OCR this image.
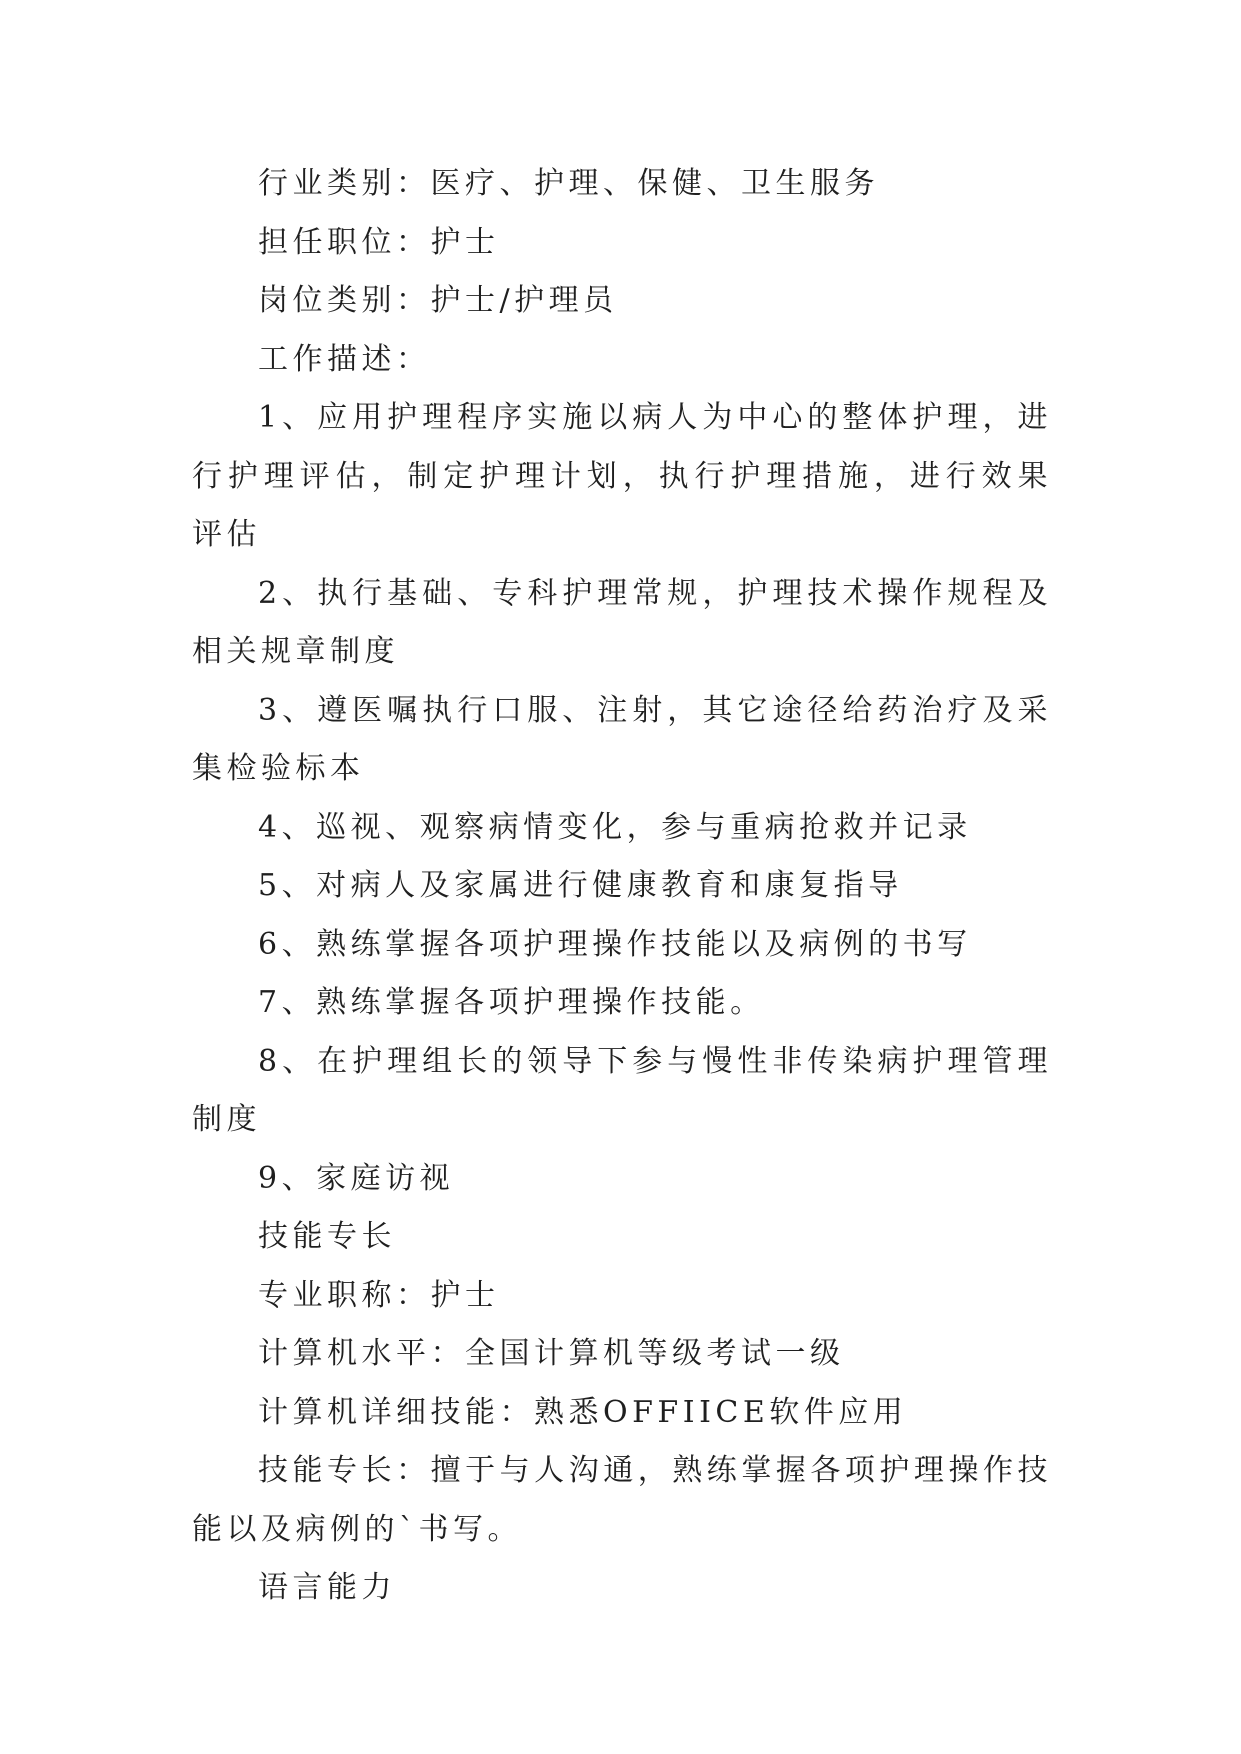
行业类别：医疗、护理、保健、卫生服务

担任职位：护士

岗位类别：护士/护理员

工作描述：

1、应用护理程序实施以病人为中心的整体护理，进行护理评估，制定护理计划，执行护理措施，进行效果评估

2、执行基础、专科护理常规，护理技术操作规程及相关规章制度

3、遵医嘱执行口服、注射，其它途径给药治疗及采集检验标本

4、巡视、观察病情变化，参与重病抢救并记录

5、对病人及家属进行健康教育和康复指导

6、熟练掌握各项护理操作技能以及病例的书写

7、熟练掌握各项护理操作技能。

8、在护理组长的领导下参与慢性非传染病护理管理制度

9、家庭访视

技能专长

专业职称：护士

计算机水平：全国计算机等级考试一级

计算机详细技能：熟悉OFFIICE软件应用

技能专长：擅于与人沟通，熟练掌握各项护理操作技能以及病例的`书写。

语言能力
